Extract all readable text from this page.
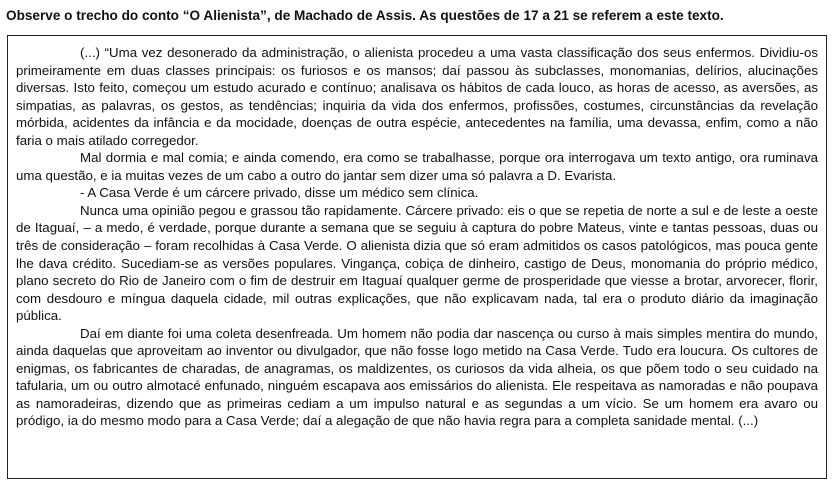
Observe o trecho do conto “O Alienista”, de Machado de Assis. As questões de 17 a 21 se referem a este texto.

(...) “Uma vez desonerado da administração, o alienista procedeu a uma vasta classificação dos seus enfermos. Dividiu-os primeiramente em duas classes principais: os furiosos e os mansos; daí passou às subclasses, monomanias, delírios, alucinações diversas. Isto feito, começou um estudo acurado e contínuo; analisava os hábitos de cada louco, as horas de acesso, as aversões, as simpatias, as palavras, os gestos, as tendências; inquiria da vida dos enfermos, profissões, costumes, circunstâncias da revelação mórbida, acidentes da infância e da mocidade, doenças de outra espécie, antecedentes na família, uma devassa, enfim, como a não faria o mais atilado corregedor.

Mal dormia e mal comia; e ainda comendo, era como se trabalhasse, porque ora interrogava um texto antigo, ora ruminava uma questão, e ia muitas vezes de um cabo a outro do jantar sem dizer uma só palavra a D. Evarista.

- A Casa Verde é um cárcere privado, disse um médico sem clínica.

Nunca uma opinião pegou e grassou tão rapidamente. Cárcere privado: eis o que se repetia de norte a sul e de leste a oeste de Itaguaí, – a medo, é verdade, porque durante a semana que se seguiu à captura do pobre Mateus, vinte e tantas pessoas, duas ou três de consideração – foram recolhidas à Casa Verde. O alienista dizia que só eram admitidos os casos patológicos, mas pouca gente lhe dava crédito. Sucediam-se as versões populares. Vingança, cobiça de dinheiro, castigo de Deus, monomania do próprio médico, plano secreto do Rio de Janeiro com o fim de destruir em Itaguaí qualquer germe de prosperidade que viesse a brotar, arvorecer, florir, com desdouro e míngua daquela cidade, mil outras explicações, que não explicavam nada, tal era o produto diário da imaginação pública.

Daí em diante foi uma coleta desenfreada. Um homem não podia dar nascença ou curso à mais simples mentira do mundo, ainda daquelas que aproveitam ao inventor ou divulgador, que não fosse logo metido na Casa Verde. Tudo era loucura. Os cultores de enigmas, os fabricantes de charadas, de anagramas, os maldizentes, os curiosos da vida alheia, os que põem todo o seu cuidado na tafularia, um ou outro almotacé enfunado, ninguém escapava aos emissários do alienista. Ele respeitava as namoradas e não poupava as namoradeiras, dizendo que as primeiras cediam a um impulso natural e as segundas a um vício. Se um homem era avaro ou pródigo, ia do mesmo modo para a Casa Verde; daí a alegação de que não havia regra para a completa sanidade mental. (...)
